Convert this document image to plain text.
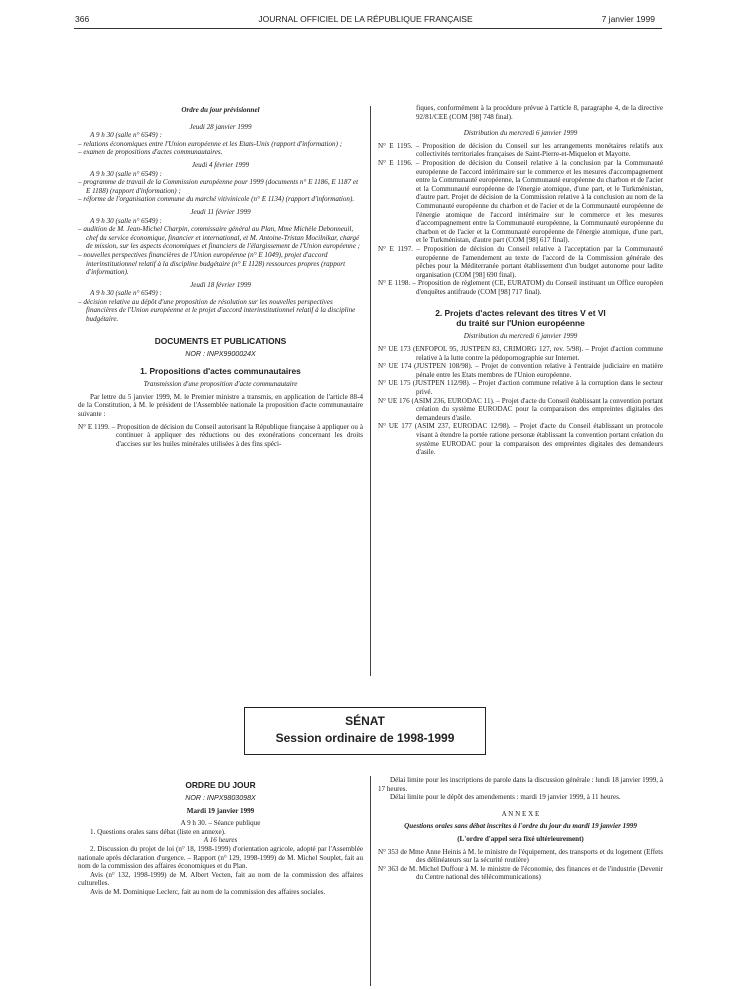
366	JOURNAL OFFICIEL DE LA RÉPUBLIQUE FRANÇAISE	7 janvier 1999

Ordre du jour prévisionnel

Jeudi 28 janvier 1999

A 9 h 30 (salle n° 6549) :

– relations économiques entre l'Union européenne et les Etats-Unis (rapport d'information) ;

– examen de propositions d'actes communautaires.

Jeudi 4 février 1999

A 9 h 30 (salle n° 6549) :

– programme de travail de la Commission européenne pour 1999 (documents n° E 1186, E 1187 et E 1188) (rapport d'information) ;

– réforme de l'organisation commune du marché vitivinicole (n° E 1134) (rapport d'information).

Jeudi 11 février 1999

A 9 h 30 (salle n° 6549) :

– audition de M. Jean-Michel Charpin, commissaire général au Plan, Mme Michèle Debonneuil, chef du service économique, financier et international, et M. Antoine-Tristan Mocilnikar, chargé de mission, sur les aspects économiques et financiers de l'élargissement de l'Union européenne ;

– nouvelles perspectives financières de l'Union européenne (n° E 1049), projet d'accord interinstitutionnel relatif à la discipline budgétaire (n° E 1128) ressources propres (rapport d'information).

Jeudi 18 février 1999

A 9 h 30 (salle n° 6549) :

– décision relative au dépôt d'une proposition de résolution sur les nouvelles perspectives financières de l'Union européenne et le projet d'accord interinstitutionnel relatif à la discipline budgétaire.

DOCUMENTS ET PUBLICATIONS

NOR : INPX9900024X

1. Propositions d'actes communautaires

Transmission d'une proposition d'acte communautaire

Par lettre du 5 janvier 1999, M. le Premier ministre a transmis, en application de l'article 88-4 de la Constitution, à M. le président de l'Assemblée nationale la proposition d'acte communautaire suivante :

N° E 1199. – Proposition de décision du Conseil autorisant la République française à appliquer ou à continuer à appliquer des réductions ou des exonérations concernant les droits d'accises sur les huiles minérales utilisées à des fins spéci-

fiques, conformément à la procédure prévue à l'article 8, paragraphe 4, de la directive 92/81/CEE (COM [98] 748 final).

Distribution du mercredi 6 janvier 1999

N° E 1195. – Proposition de décision du Conseil sur les arrangements monétaires relatifs aux collectivités territoriales françaises de Saint-Pierre-et-Miquelon et Mayotte.

N° E 1196. – Proposition de décision du Conseil relative à la conclusion par la Communauté européenne de l'accord intérimaire sur le commerce et les mesures d'accompagnement entre la Communauté européenne, la Communauté européenne du charbon et de l'acier et la Communauté européenne de l'énergie atomique, d'une part, et le Turkménistan, d'autre part. Projet de décision de la Commission relative à la conclusion au nom de la Communauté européenne du charbon et de l'acier et de la Communauté européenne de l'énergie atomique de l'accord intérimaire sur le commerce et les mesures d'accompagnement entre la Communauté européenne, la Communauté européenne du charbon et de l'acier et la Communauté européenne de l'énergie atomique, d'une part, et le Turkménistan, d'autre part (COM [98] 617 final).

N° E 1197. – Proposition de décision du Conseil relative à l'acceptation par la Communauté européenne de l'amendement au texte de l'accord de la Commission générale des pêches pour la Méditerranée portant établissement d'un budget autonome pour ladite organisation (COM [98] 690 final).

N° E 1198. – Proposition de règlement (CE, EURATOM) du Conseil instituant un Office européen d'enquêtes antifraude (COM [98] 717 final).

2. Projets d'actes relevant des titres V et VI

du traité sur l'Union européenne

Distribution du mercredi 6 janvier 1999

N° UE 173 (ENFOPOL 95, JUSTPEN 83, CRIMORG 127, rev. 5/98). – Projet d'action commune relative à la lutte contre la pédopornographie sur Internet.

N° UE 174 (JUSTPEN 108/98). – Projet de convention relative à l'entraide judiciaire en matière pénale entre les Etats membres de l'Union européenne.

N° UE 175 (JUSTPEN 112/98). – Projet d'action commune relative à la corruption dans le secteur privé.

N° UE 176 (ASIM 236, EURODAC 11). – Projet d'acte du Conseil établissant la convention portant création du système EURODAC pour la comparaison des empreintes digitales des demandeurs d'asile.

N° UE 177 (ASIM 237, EURODAC 12/98). – Projet d'acte du Conseil établissant un protocole visant à étendre la portée ratione personæ établissant la convention portant création du système EURODAC pour la comparaison des empreintes digitales des demandeurs d'asile.

SÉNAT
Session ordinaire de 1998-1999

ORDRE DU JOUR

NOR : INPX9803098X

Mardi 19 janvier 1999

A 9 h 30. – Séance publique

1. Questions orales sans débat (liste en annexe).

A 16 heures

2. Discussion du projet de loi (n° 18, 1998-1999) d'orientation agricole, adopté par l'Assemblée nationale après déclaration d'urgence. – Rapport (n° 129, 1998-1999) de M. Michel Souplet, fait au nom de la commission des affaires économiques et du Plan.

Avis (n° 132, 1998-1999) de M. Albert Vecten, fait au nom de la commission des affaires culturelles.

Avis de M. Dominique Leclerc, fait au nom de la commission des affaires sociales.

Délai limite pour les inscriptions de parole dans la discussion générale : lundi 18 janvier 1999, à 17 heures.

Délai limite pour le dépôt des amendements : mardi 19 janvier 1999, à 11 heures.

A N N E X E

Questions orales sans débat inscrites à l'ordre du jour du mardi 19 janvier 1999

(L'ordre d'appel sera fixé ultérieurement)

N° 353 de Mme Anne Heinis à M. le ministre de l'équipement, des transports et du logement (Effets des délinéateurs sur la sécurité routière)

N° 363 de M. Michel Duffour à M. le ministre de l'économie, des finances et de l'industrie (Devenir du Centre national des télécommunications)
